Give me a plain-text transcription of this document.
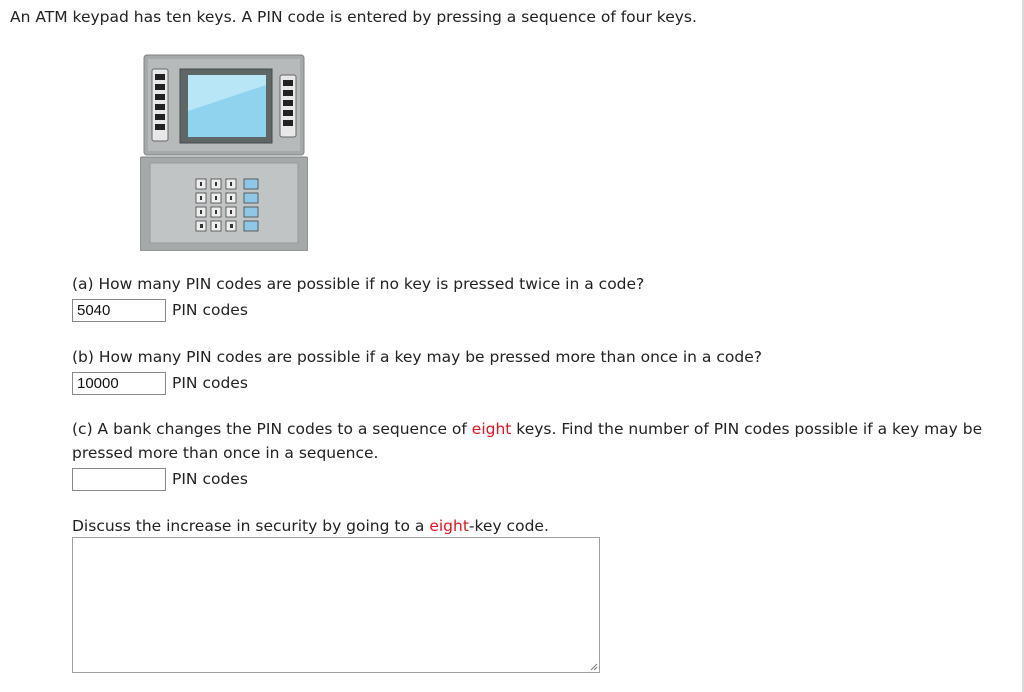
An ATM keypad has ten keys. A PIN code is entered by pressing a sequence of four keys.

(a) How many PIN codes are possible if no key is pressed twice in a code?

5040
PIN codes

(b) How many PIN codes are possible if a key may be pressed more than once in a code?

10000
PIN codes

(c) A bank changes the PIN codes to a sequence of eight keys. Find the number of PIN codes possible if a key may be pressed more than once in a sequence.

PIN codes

Discuss the increase in security by going to a eight-key code.
